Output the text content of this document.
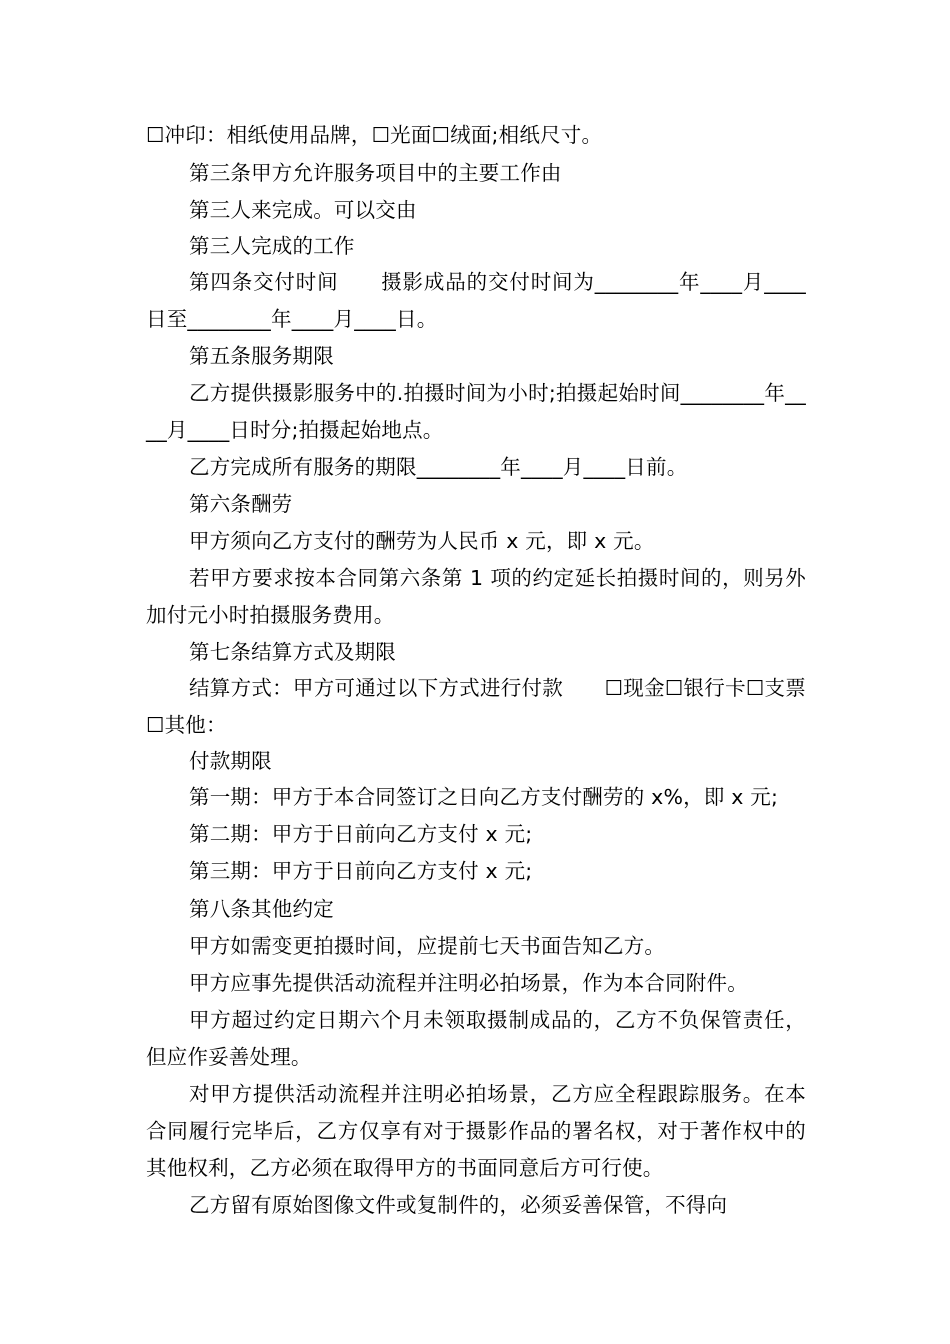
☐冲印：相纸使用品牌，☐光面☐绒面;相纸尺寸。
第三条甲方允许服务项目中的主要工作由
第三人来完成。可以交由
第三人完成的工作
第四条交付时间　　摄影成品的交付时间为________年____月____日至________年____月____日。
第五条服务期限
乙方提供摄影服务中的.拍摄时间为小时;拍摄起始时间________年____月____日时分;拍摄起始地点。
乙方完成所有服务的期限________年____月____日前。
第六条酬劳
甲方须向乙方支付的酬劳为人民币 x 元，即 x 元。
若甲方要求按本合同第六条第 1 项的约定延长拍摄时间的，则另外加付元小时拍摄服务费用。
第七条结算方式及期限
结算方式：甲方可通过以下方式进行付款　　☐现金☐银行卡☐支票☐其他：
付款期限
第一期：甲方于本合同签订之日向乙方支付酬劳的 x%，即 x 元;
第二期：甲方于日前向乙方支付 x 元;
第三期：甲方于日前向乙方支付 x 元;
第八条其他约定
甲方如需变更拍摄时间，应提前七天书面告知乙方。
甲方应事先提供活动流程并注明必拍场景，作为本合同附件。
甲方超过约定日期六个月未领取摄制成品的，乙方不负保管责任，但应作妥善处理。
对甲方提供活动流程并注明必拍场景，乙方应全程跟踪服务。在本合同履行完毕后，乙方仅享有对于摄影作品的署名权，对于著作权中的其他权利，乙方必须在取得甲方的书面同意后方可行使。
乙方留有原始图像文件或复制件的，必须妥善保管，不得向
